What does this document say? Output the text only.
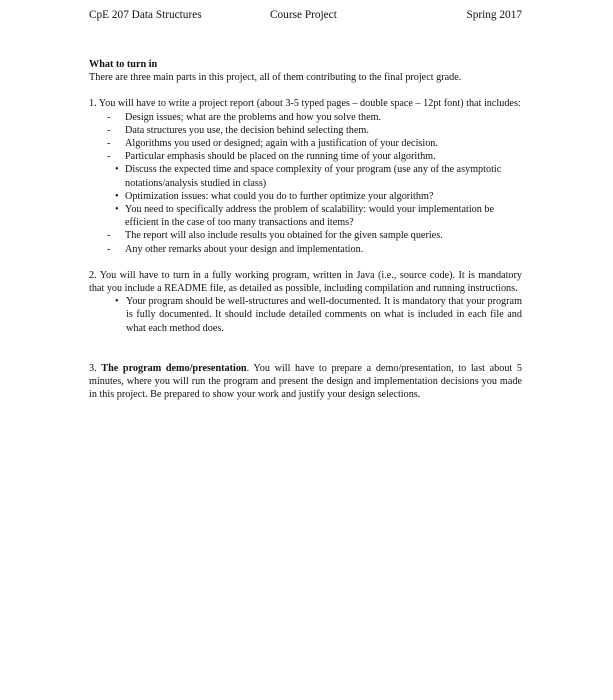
CpE 207 Data Structures	Course Project	Spring 2017

What to turn in

There are three main parts in this project, all of them contributing to the final project grade.

1. You will have to write a project report (about 3-5 typed pages – double space – 12pt font) that includes:

- Design issues; what are the problems and how you solve them.
- Data structures you use, the decision behind selecting them.
- Algorithms you used or designed; again with a justification of your decision.
- Particular emphasis should be placed on the running time of your algorithm.
• Discuss the expected time and space complexity of your program (use any of the asymptotic notations/analysis studied in class)
• Optimization issues: what could you do to further optimize your algorithm?
• You need to specifically address the problem of scalability: would your implementation be efficient in the case of too many transactions and items?
- The report will also include results you obtained for the given sample queries.
- Any other remarks about your design and implementation.

2. You will have to turn in a fully working program, written in Java (i.e., source code). It is mandatory that you include a README file, as detailed as possible, including compilation and running instructions.

• Your program should be well-structures and well-documented. It is mandatory that your program is fully documented. It should include detailed comments on what is included in each file and what each method does.

3. The program demo/presentation. You will have to prepare a demo/presentation, to last about 5 minutes, where you will run the program and present the design and implementation decisions you made in this project. Be prepared to show your work and justify your design selections.
